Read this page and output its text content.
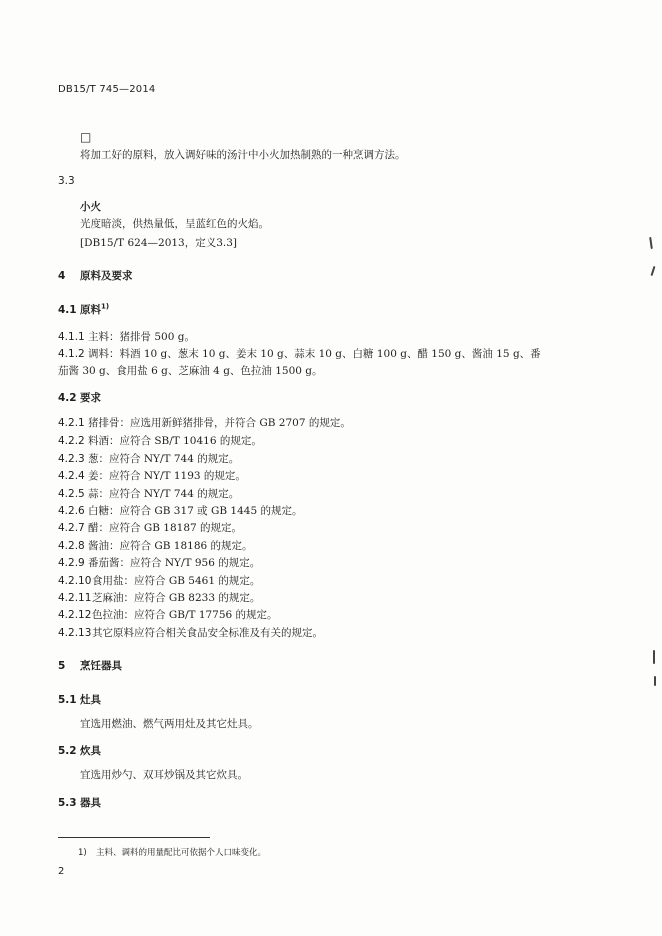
DB15/T 745—2014
□
将加工好的原料，放入调好味的汤汁中小火加热制熟的一种烹调方法。
3.3
小火
光度暗淡，供热量低，呈蓝红色的火焰。
[DB15/T 624—2013，定义3.3]
4 原料及要求
4.1 原料$^{1)}$
4.1.1 主料：猪排骨 500 g。
4.1.2 调料：料酒 10 g、葱末 10 g、姜末 10 g、蒜末 10 g、白糖 100 g、醋 150 g、酱油 15 g、番
茄酱 30 g、食用盐 6 g、芝麻油 4 g、色拉油 1500 g。
4.2 要求
4.2.1 猪排骨：应选用新鲜猪排骨，并符合 GB 2707 的规定。
4.2.2 料酒：应符合 SB/T 10416 的规定。
4.2.3 葱：应符合 NY/T 744 的规定。
4.2.4 姜：应符合 NY/T 1193 的规定。
4.2.5 蒜：应符合 NY/T 744 的规定。
4.2.6 白糖：应符合 GB 317 或 GB 1445 的规定。
4.2.7 醋：应符合 GB 18187 的规定。
4.2.8 酱油：应符合 GB 18186 的规定。
4.2.9 番茄酱：应符合 NY/T 956 的规定。
4.2.10食用盐：应符合 GB 5461 的规定。
4.2.11芝麻油：应符合 GB 8233 的规定。
4.2.12色拉油：应符合 GB/T 17756 的规定。
4.2.13其它原料应符合相关食品安全标准及有关的规定。
5 烹饪器具
5.1 灶具
宜选用燃油、燃气两用灶及其它灶具。
5.2 炊具
宜选用炒勺、双耳炒锅及其它炊具。
5.3 器具
1) 主料、调料的用量配比可依据个人口味变化。
2
